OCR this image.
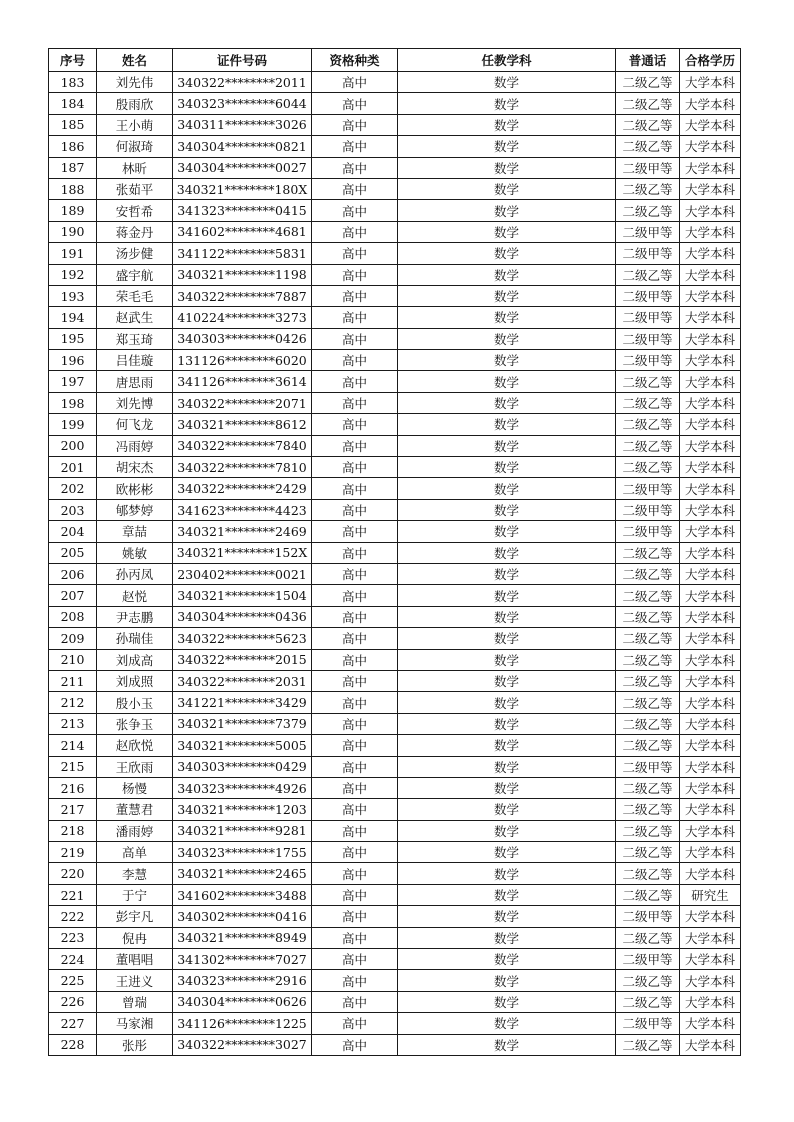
序号	姓名	证件号码	资格种类	任教学科	普通话	合格学历
183	刘先伟	340322********2011	高中	数学	二级乙等	大学本科
184	殷雨欣	340323********6044	高中	数学	二级乙等	大学本科
185	王小萌	340311********3026	高中	数学	二级乙等	大学本科
186	何淑琦	340304********0821	高中	数学	二级乙等	大学本科
187	林昕	340304********0027	高中	数学	二级甲等	大学本科
188	张茹平	340321********180X	高中	数学	二级乙等	大学本科
189	安哲希	341323********0415	高中	数学	二级乙等	大学本科
190	蒋金丹	341602********4681	高中	数学	二级甲等	大学本科
191	汤步健	341122********5831	高中	数学	二级甲等	大学本科
192	盛宇航	340321********1198	高中	数学	二级乙等	大学本科
193	荣毛毛	340322********7887	高中	数学	二级甲等	大学本科
194	赵武生	410224********3273	高中	数学	二级甲等	大学本科
195	郑玉琦	340303********0426	高中	数学	二级甲等	大学本科
196	吕佳璇	131126********6020	高中	数学	二级甲等	大学本科
197	唐思雨	341126********3614	高中	数学	二级乙等	大学本科
198	刘先博	340322********2071	高中	数学	二级乙等	大学本科
199	何飞龙	340321********8612	高中	数学	二级乙等	大学本科
200	冯雨婷	340322********7840	高中	数学	二级乙等	大学本科
201	胡宋杰	340322********7810	高中	数学	二级乙等	大学本科
202	欧彬彬	340322********2429	高中	数学	二级甲等	大学本科
203	郇梦婷	341623********4423	高中	数学	二级甲等	大学本科
204	章喆	340321********2469	高中	数学	二级甲等	大学本科
205	姚敏	340321********152X	高中	数学	二级乙等	大学本科
206	孙丙凤	230402********0021	高中	数学	二级乙等	大学本科
207	赵悦	340321********1504	高中	数学	二级乙等	大学本科
208	尹志鹏	340304********0436	高中	数学	二级乙等	大学本科
209	孙瑞佳	340322********5623	高中	数学	二级乙等	大学本科
210	刘成高	340322********2015	高中	数学	二级乙等	大学本科
211	刘成照	340322********2031	高中	数学	二级乙等	大学本科
212	殷小玉	341221********3429	高中	数学	二级乙等	大学本科
213	张争玉	340321********7379	高中	数学	二级乙等	大学本科
214	赵欣悦	340321********5005	高中	数学	二级乙等	大学本科
215	王欣雨	340303********0429	高中	数学	二级甲等	大学本科
216	杨慢	340323********4926	高中	数学	二级乙等	大学本科
217	董慧君	340321********1203	高中	数学	二级乙等	大学本科
218	潘雨婷	340321********9281	高中	数学	二级乙等	大学本科
219	高单	340323********1755	高中	数学	二级乙等	大学本科
220	李慧	340321********2465	高中	数学	二级乙等	大学本科
221	于宁	341602********3488	高中	数学	二级乙等	研究生
222	彭宇凡	340302********0416	高中	数学	二级甲等	大学本科
223	倪冉	340321********8949	高中	数学	二级乙等	大学本科
224	董唱唱	341302********7027	高中	数学	二级甲等	大学本科
225	王进义	340323********2916	高中	数学	二级乙等	大学本科
226	曾瑞	340304********0626	高中	数学	二级乙等	大学本科
227	马家湘	341126********1225	高中	数学	二级甲等	大学本科
228	张彤	340322********3027	高中	数学	二级乙等	大学本科
